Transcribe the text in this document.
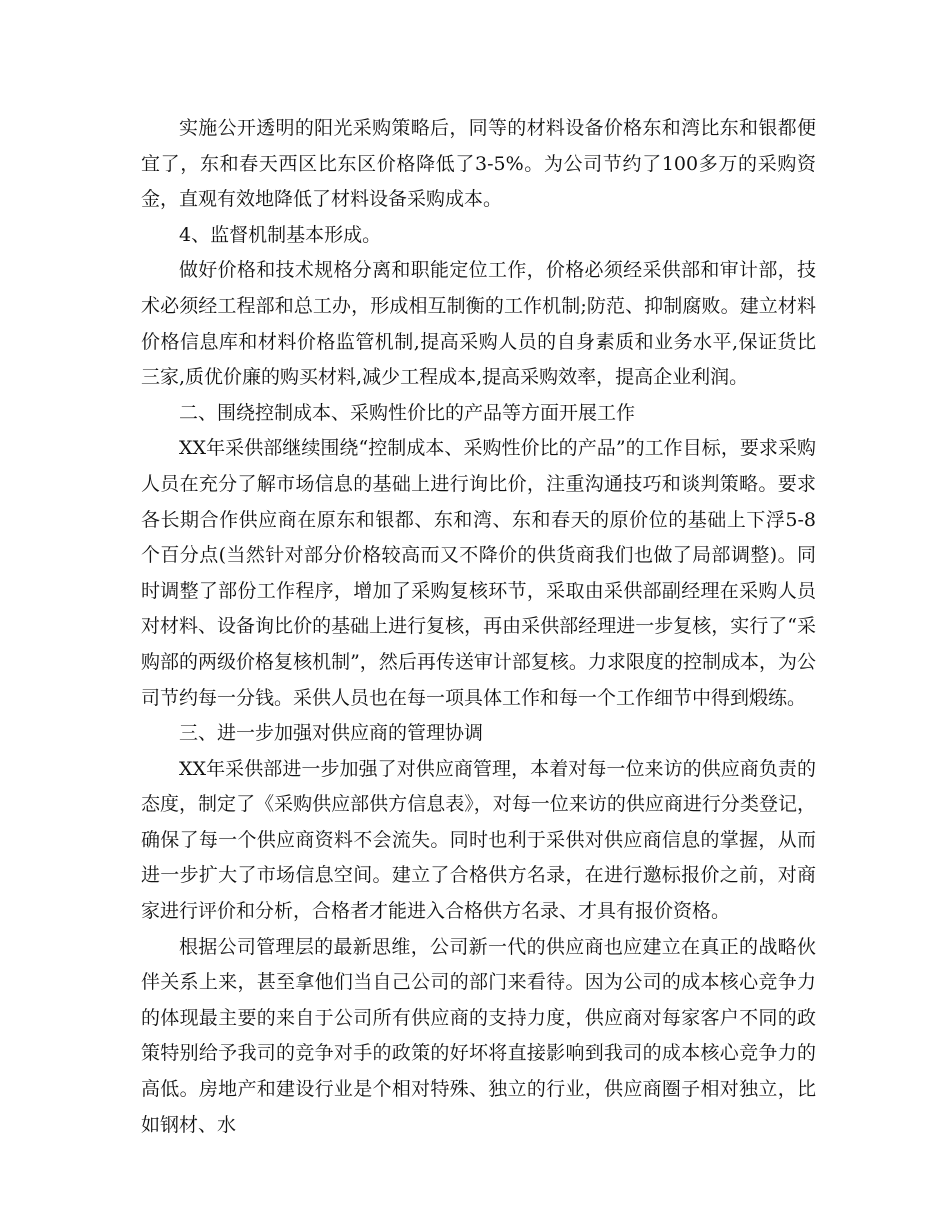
实施公开透明的阳光采购策略后，同等的材料设备价格东和湾比东和银都便宜了，东和春天西区比东区价格降低了3-5%。为公司节约了100多万的采购资金，直观有效地降低了材料设备采购成本。

4、监督机制基本形成。

做好价格和技术规格分离和职能定位工作，价格必须经采供部和审计部，技术必须经工程部和总工办，形成相互制衡的工作机制;防范、抑制腐败。建立材料价格信息库和材料价格监管机制,提高采购人员的自身素质和业务水平,保证货比三家,质优价廉的购买材料,减少工程成本,提高采购效率，提高企业利润。

二、围绕控制成本、采购性价比的产品等方面开展工作

XX年采供部继续围绕“控制成本、采购性价比的产品”的工作目标，要求采购人员在充分了解市场信息的基础上进行询比价，注重沟通技巧和谈判策略。要求各长期合作供应商在原东和银都、东和湾、东和春天的原价位的基础上下浮5-8个百分点(当然针对部分价格较高而又不降价的供货商我们也做了局部调整)。同时调整了部份工作程序，增加了采购复核环节，采取由采供部副经理在采购人员对材料、设备询比价的基础上进行复核，再由采供部经理进一步复核，实行了“采购部的两级价格复核机制”，然后再传送审计部复核。力求限度的控制成本，为公司节约每一分钱。采供人员也在每一项具体工作和每一个工作细节中得到煅练。

三、进一步加强对供应商的管理协调

XX年采供部进一步加强了对供应商管理，本着对每一位来访的供应商负责的态度，制定了《采购供应部供方信息表》，对每一位来访的供应商进行分类登记，确保了每一个供应商资料不会流失。同时也利于采供对供应商信息的掌握，从而进一步扩大了市场信息空间。建立了合格供方名录，在进行邀标报价之前，对商家进行评价和分析，合格者才能进入合格供方名录、才具有报价资格。

根据公司管理层的最新思维，公司新一代的供应商也应建立在真正的战略伙伴关系上来，甚至拿他们当自己公司的部门来看待。因为公司的成本核心竞争力的体现最主要的来自于公司所有供应商的支持力度，供应商对每家客户不同的政策特别给予我司的竞争对手的政策的好坏将直接影响到我司的成本核心竞争力的高低。房地产和建设行业是个相对特殊、独立的行业，供应商圈子相对独立，比如钢材、水
